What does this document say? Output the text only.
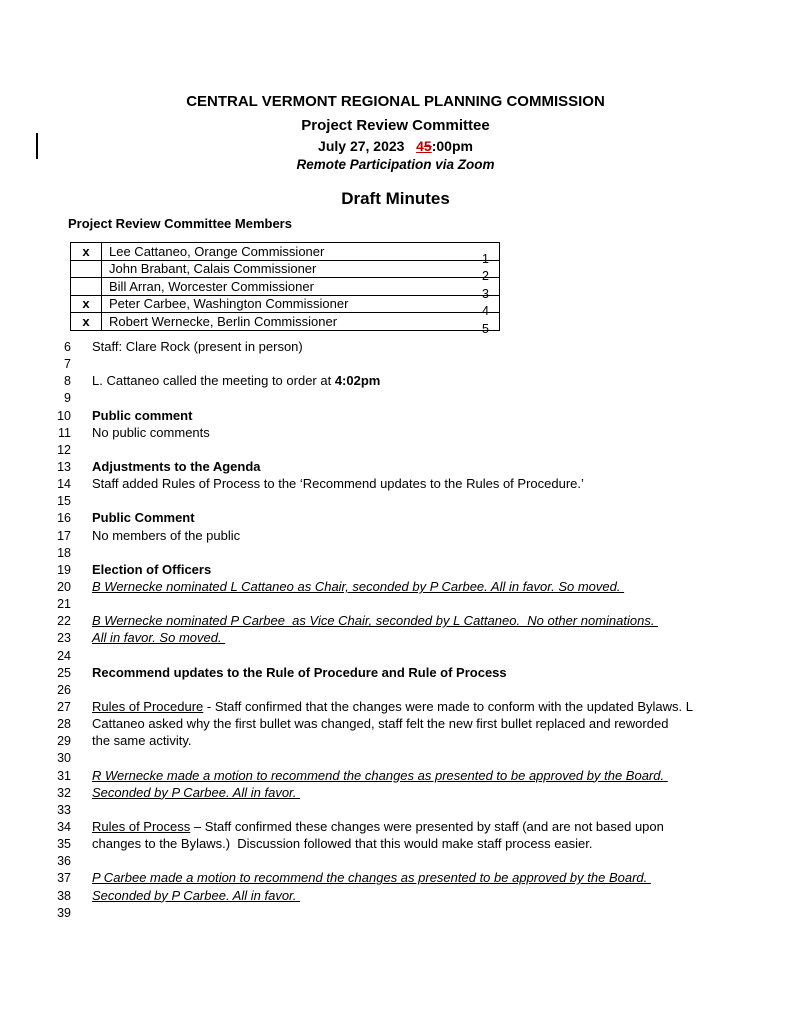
CENTRAL VERMONT REGIONAL PLANNING COMMISSION
Project Review Committee
July 27, 2023   45:00pm
Remote Participation via Zoom
Draft Minutes
Project Review Committee Members
x	Lee Cattaneo, Orange Commissioner 1

	John Brabant, Calais Commissioner 2

	Bill Arran, Worcester Commissioner 3

x	Peter Carbee, Washington Commissioner 4

x	Robert Wernecke, Berlin Commissioner 5
6 Staff: Clare Rock (present in person)
7
8 L. Cattaneo called the meeting to order at 4:02pm
9
10 Public comment
11 No public comments
12
13 Adjustments to the Agenda
14 Staff added Rules of Process to the ‘Recommend updates to the Rules of Procedure.’
15
16 Public Comment
17 No members of the public
18
19 Election of Officers
20 B Wernecke nominated L Cattaneo as Chair, seconded by P Carbee. All in favor. So moved.
21
22 B Wernecke nominated P Carbee  as Vice Chair, seconded by L Cattaneo.  No other nominations.
23 All in favor. So moved.
24
25 Recommend updates to the Rule of Procedure and Rule of Process
26
27 Rules of Procedure - Staff confirmed that the changes were made to conform with the updated Bylaws. L
28 Cattaneo asked why the first bullet was changed, staff felt the new first bullet replaced and reworded
29 the same activity.
30
31 R Wernecke made a motion to recommend the changes as presented to be approved by the Board.
32 Seconded by P Carbee. All in favor.
33
34 Rules of Process – Staff confirmed these changes were presented by staff (and are not based upon
35 changes to the Bylaws.)  Discussion followed that this would make staff process easier.
36
37 P Carbee made a motion to recommend the changes as presented to be approved by the Board.
38 Seconded by P Carbee. All in favor.
39
